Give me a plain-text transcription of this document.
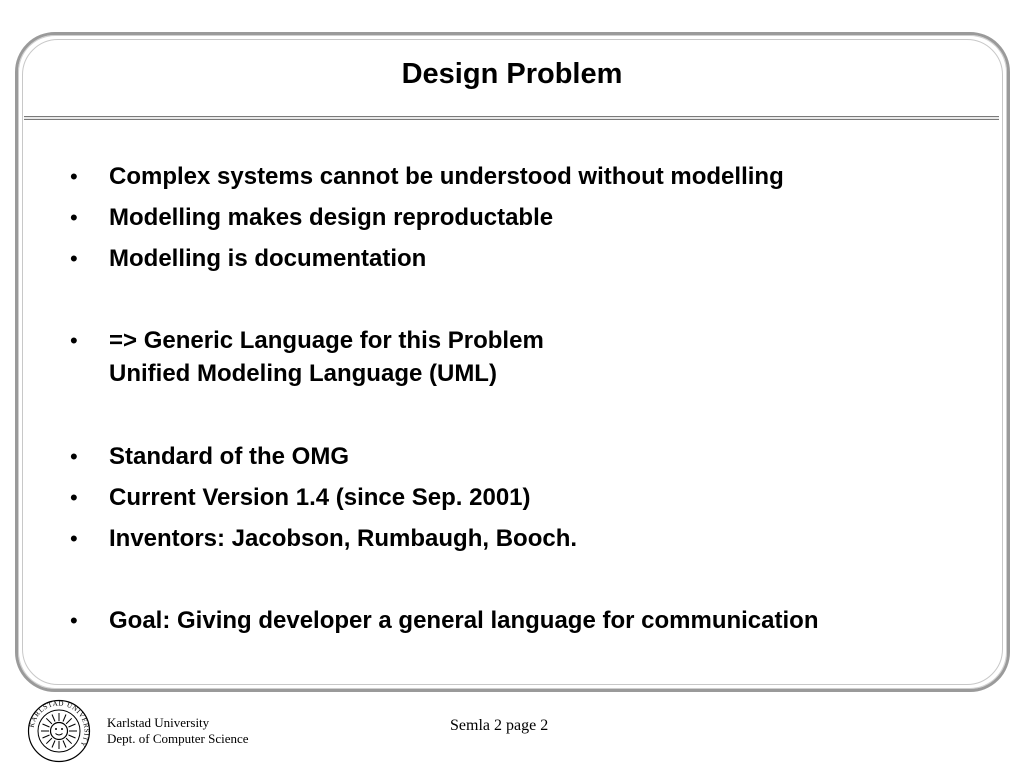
Design Problem
• Complex systems cannot be understood without modelling
• Modelling makes design reproductable
• Modelling is documentation
• => Generic Language for this Problem
Unified Modeling Language (UML)
• Standard of the OMG
• Current Version 1.4 (since Sep. 2001)
• Inventors: Jacobson, Rumbaugh, Booch.
• Goal: Giving developer a general language for communication
KARLSTAD UNIVERSITY
Karlstad University
Dept. of Computer Science
Semla 2 page 2
